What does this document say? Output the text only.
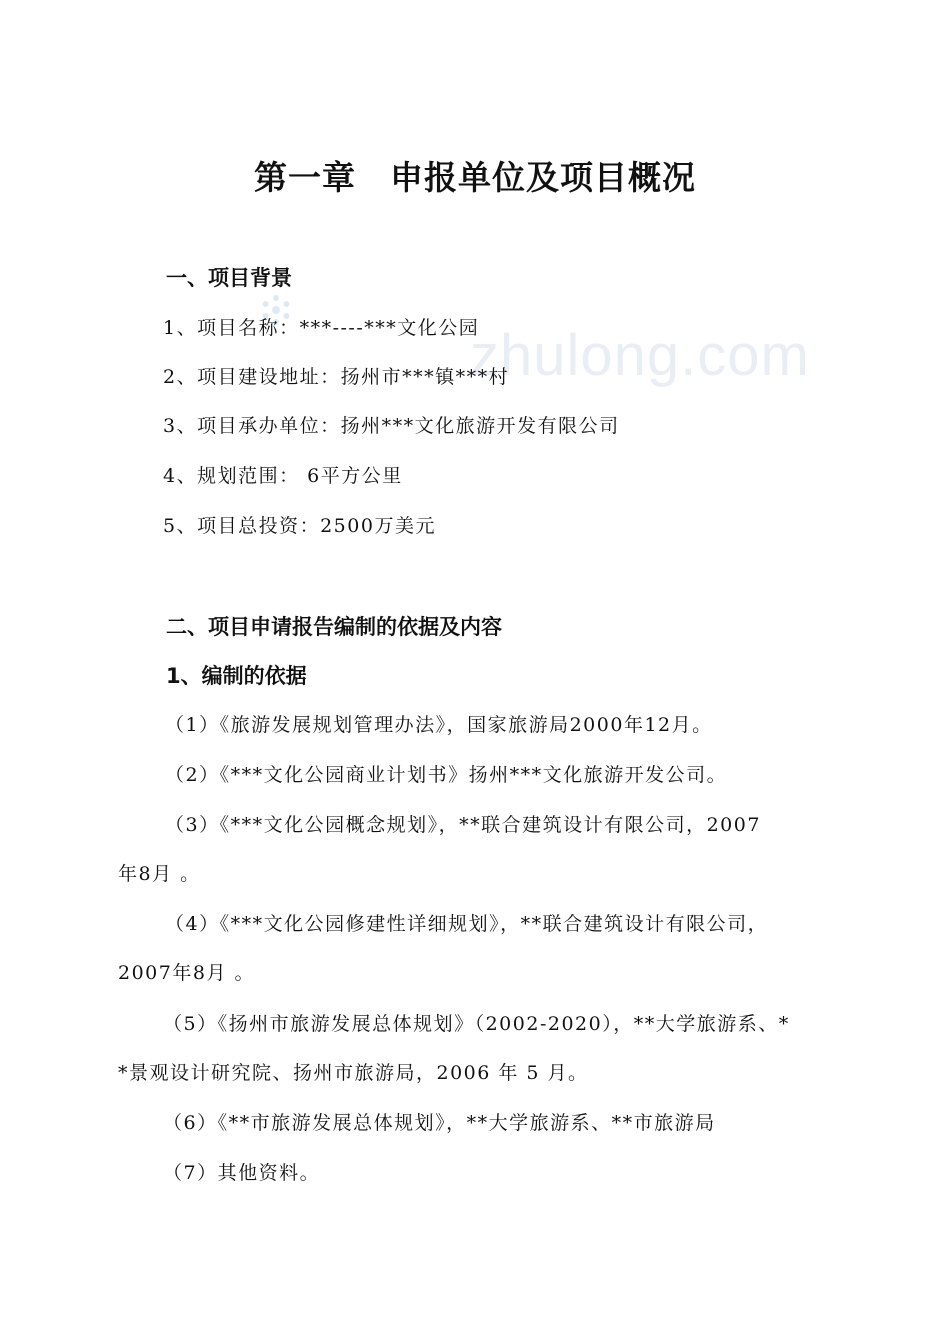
zhulong.com
第一章　申报单位及项目概况
一、项目背景
1、项目名称：***----***文化公园
2、项目建设地址：扬州市***镇***村
3、项目承办单位：扬州***文化旅游开发有限公司
4、规划范围： 6平方公里
5、项目总投资：2500万美元
二、项目申请报告编制的依据及内容
1、编制的依据
（1）《旅游发展规划管理办法》，国家旅游局2000年12月。
（2）《***文化公园商业计划书》扬州***文化旅游开发公司。
（3）《***文化公园概念规划》，**联合建筑设计有限公司，2007
年8月 。
（4）《***文化公园修建性详细规划》，**联合建筑设计有限公司，
2007年8月 。
（5）《扬州市旅游发展总体规划》（2002-2020），**大学旅游系、*
*景观设计研究院、扬州市旅游局，2006 年 5 月。
（6）《**市旅游发展总体规划》，**大学旅游系、**市旅游局
（7）其他资料。
